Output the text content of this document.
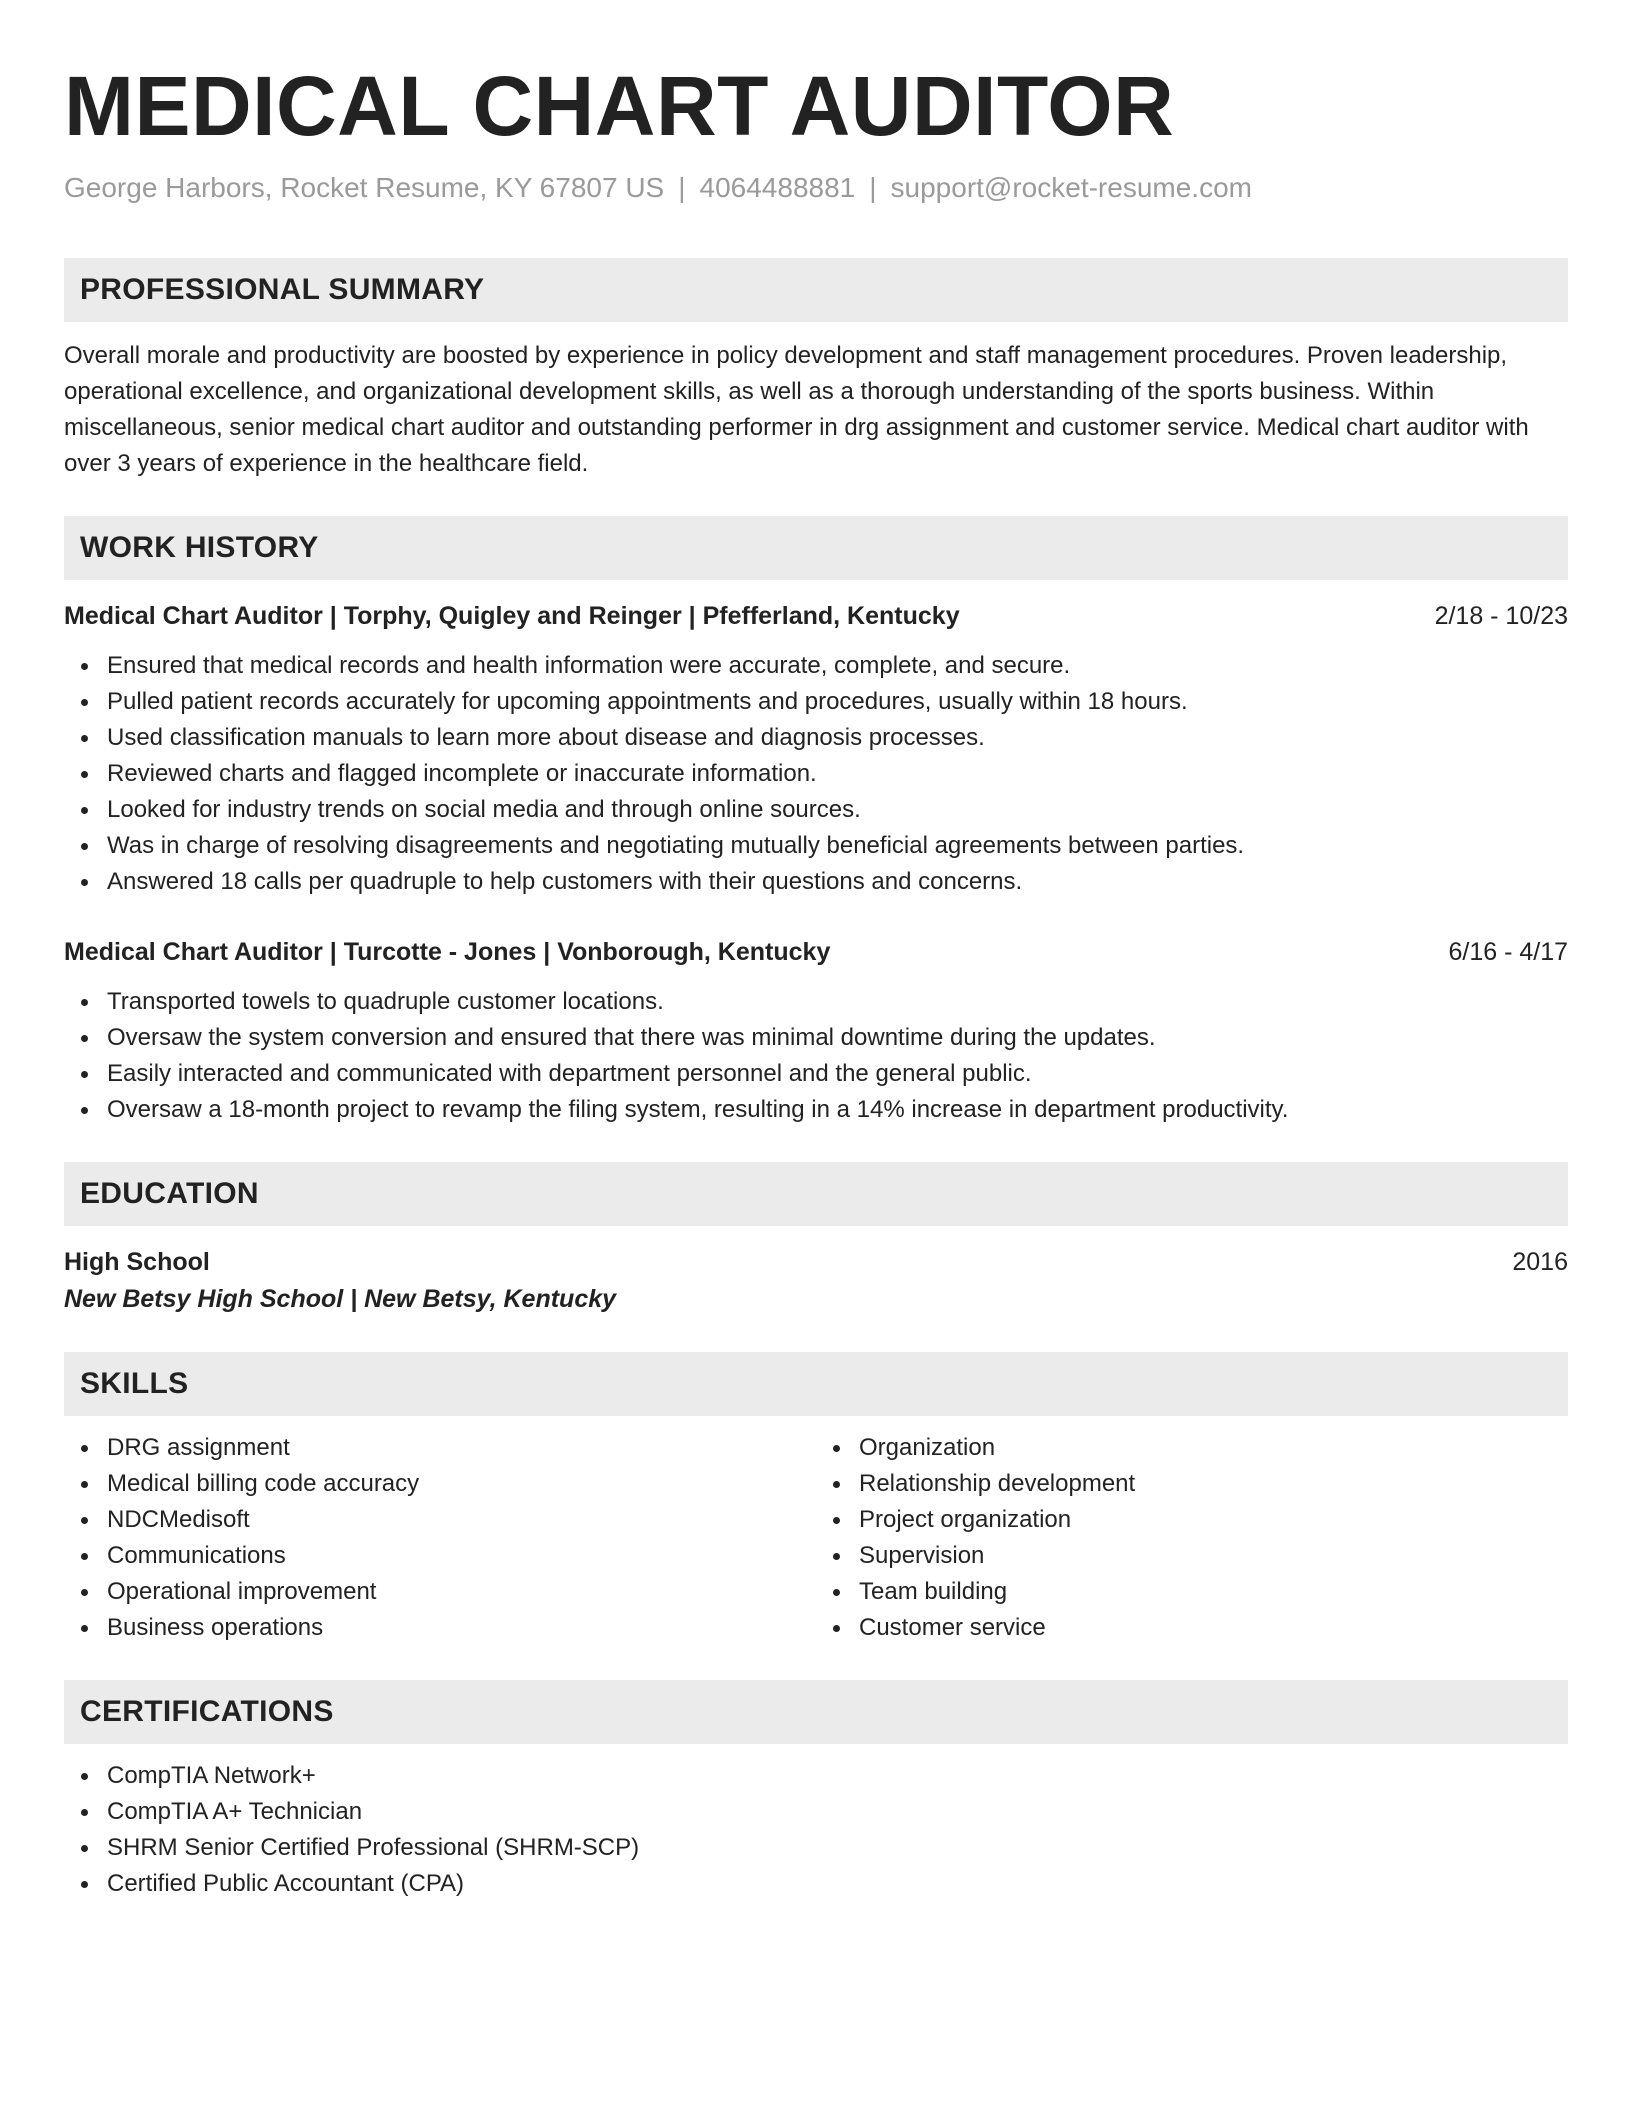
MEDICAL CHART AUDITOR
George Harbors, Rocket Resume, KY 67807 US | 4064488881 | support@rocket-resume.com
PROFESSIONAL SUMMARY

Overall morale and productivity are boosted by experience in policy development and staff management procedures. Proven leadership, operational excellence, and organizational development skills, as well as a thorough understanding of the sports business. Within miscellaneous, senior medical chart auditor and outstanding performer in drg assignment and customer service. Medical chart auditor with over 3 years of experience in the healthcare field.

WORK HISTORY
Medical Chart Auditor | Torphy, Quigley and Reinger | Pfefferland, Kentucky	2/18 - 10/23
Ensured that medical records and health information were accurate, complete, and secure.
Pulled patient records accurately for upcoming appointments and procedures, usually within 18 hours.
Used classification manuals to learn more about disease and diagnosis processes.
Reviewed charts and flagged incomplete or inaccurate information.
Looked for industry trends on social media and through online sources.
Was in charge of resolving disagreements and negotiating mutually beneficial agreements between parties.
Answered 18 calls per quadruple to help customers with their questions and concerns.
Medical Chart Auditor | Turcotte - Jones | Vonborough, Kentucky	6/16 - 4/17
Transported towels to quadruple customer locations.
Oversaw the system conversion and ensured that there was minimal downtime during the updates.
Easily interacted and communicated with department personnel and the general public.
Oversaw a 18-month project to revamp the filing system, resulting in a 14% increase in department productivity.
EDUCATION
High School	2016
New Betsy High School | New Betsy, Kentucky
SKILLS
DRG assignment
Medical billing code accuracy
NDCMedisoft
Communications
Operational improvement
Business operations
Organization
Relationship development
Project organization
Supervision
Team building
Customer service
CERTIFICATIONS
CompTIA Network+
CompTIA A+ Technician
SHRM Senior Certified Professional (SHRM-SCP)
Certified Public Accountant (CPA)
